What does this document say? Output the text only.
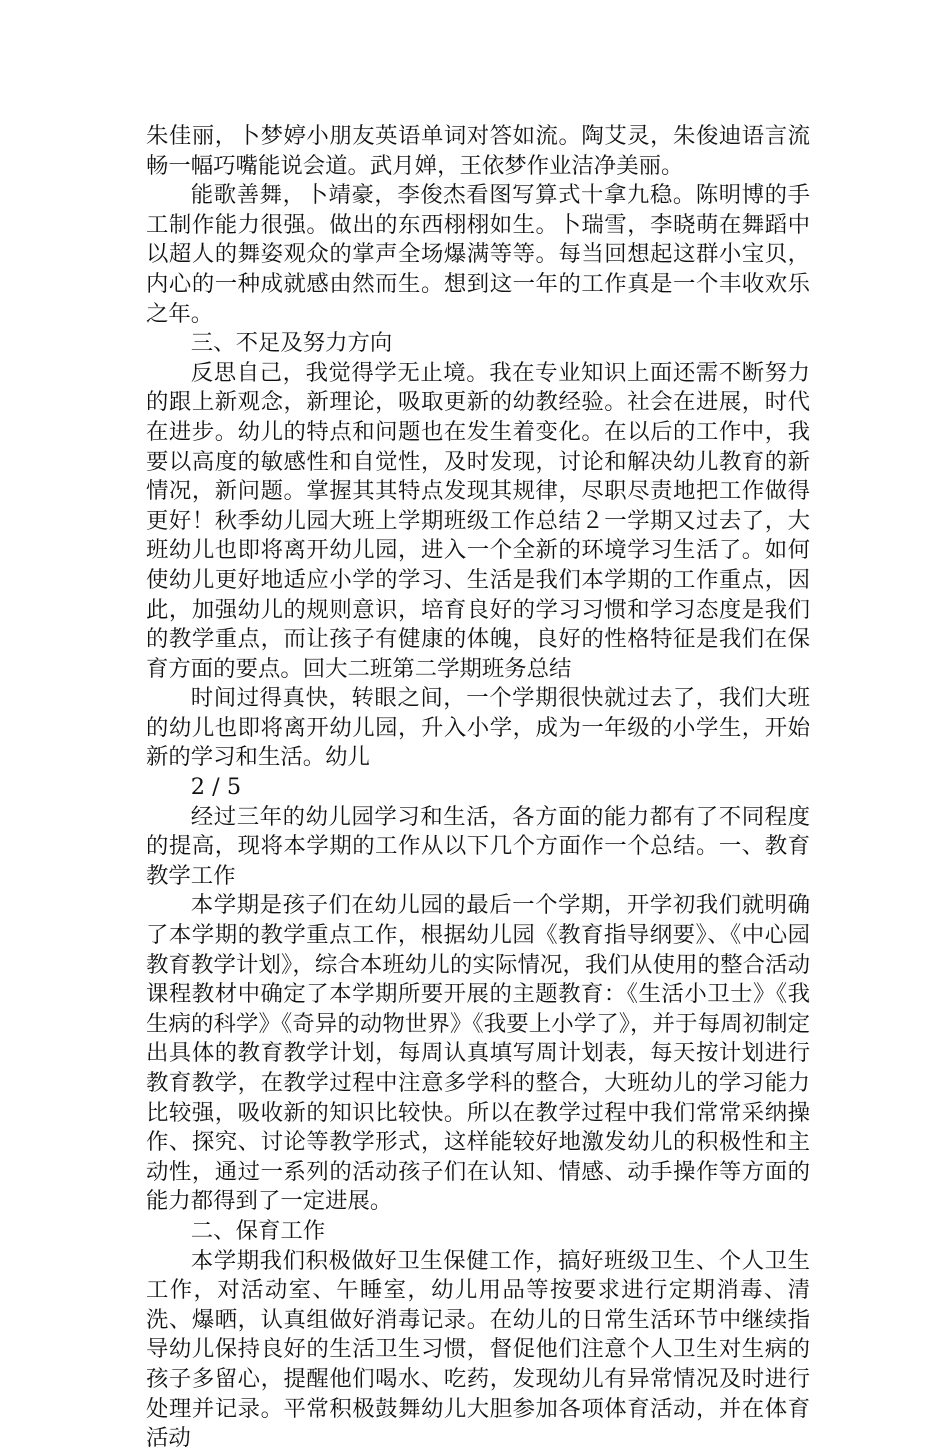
朱佳丽，卜梦婷小朋友英语单词对答如流。陶艾灵，朱俊迪语言流畅一幅巧嘴能说会道。武月婵，王依梦作业洁净美丽。

能歌善舞，卜靖豪，李俊杰看图写算式十拿九稳。陈明博的手工制作能力很强。做出的东西栩栩如生。卜瑞雪，李晓萌在舞蹈中以超人的舞姿观众的掌声全场爆满等等。每当回想起这群小宝贝，内心的一种成就感由然而生。想到这一年的工作真是一个丰收欢乐之年。

三、不足及努力方向

反思自己，我觉得学无止境。我在专业知识上面还需不断努力的跟上新观念，新理论，吸取更新的幼教经验。社会在进展，时代在进步。幼儿的特点和问题也在发生着变化。在以后的工作中，我要以高度的敏感性和自觉性，及时发现，讨论和解决幼儿教育的新情况，新问题。掌握其其特点发现其规律，尽职尽责地把工作做得更好！秋季幼儿园大班上学期班级工作总结２一学期又过去了，大班幼儿也即将离开幼儿园，进入一个全新的环境学习生活了。如何使幼儿更好地适应小学的学习、生活是我们本学期的工作重点，因此，加强幼儿的规则意识，培育良好的学习习惯和学习态度是我们的教学重点，而让孩子有健康的体魄，良好的性格特征是我们在保育方面的要点。回大二班第二学期班务总结

时间过得真快，转眼之间，一个学期很快就过去了，我们大班的幼儿也即将离开幼儿园，升入小学，成为一年级的小学生，开始新的学习和生活。幼儿

2 / 5

经过三年的幼儿园学习和生活，各方面的能力都有了不同程度的提高，现将本学期的工作从以下几个方面作一个总结。一、教育教学工作

本学期是孩子们在幼儿园的最后一个学期，开学初我们就明确了本学期的教学重点工作，根据幼儿园《教育指导纲要》、《中心园教育教学计划》，综合本班幼儿的实际情况，我们从使用的整合活动课程教材中确定了本学期所要开展的主题教育：《生活小卫士》《我生病的科学》《奇异的动物世界》《我要上小学了》，并于每周初制定出具体的教育教学计划，每周认真填写周计划表，每天按计划进行教育教学，在教学过程中注意多学科的整合，大班幼儿的学习能力比较强，吸收新的知识比较快。所以在教学过程中我们常常采纳操作、探究、讨论等教学形式，这样能较好地激发幼儿的积极性和主动性，通过一系列的活动孩子们在认知、情感、动手操作等方面的能力都得到了一定进展。

二、保育工作

本学期我们积极做好卫生保健工作，搞好班级卫生、个人卫生工作，对活动室、午睡室，幼儿用品等按要求进行定期消毒、清洗、爆晒，认真组做好消毒记录。在幼儿的日常生活环节中继续指导幼儿保持良好的生活卫生习惯，督促他们注意个人卫生对生病的孩子多留心，提醒他们喝水、吃药，发现幼儿有异常情况及时进行处理并记录。平常积极鼓舞幼儿大胆参加各项体育活动，并在体育活动
